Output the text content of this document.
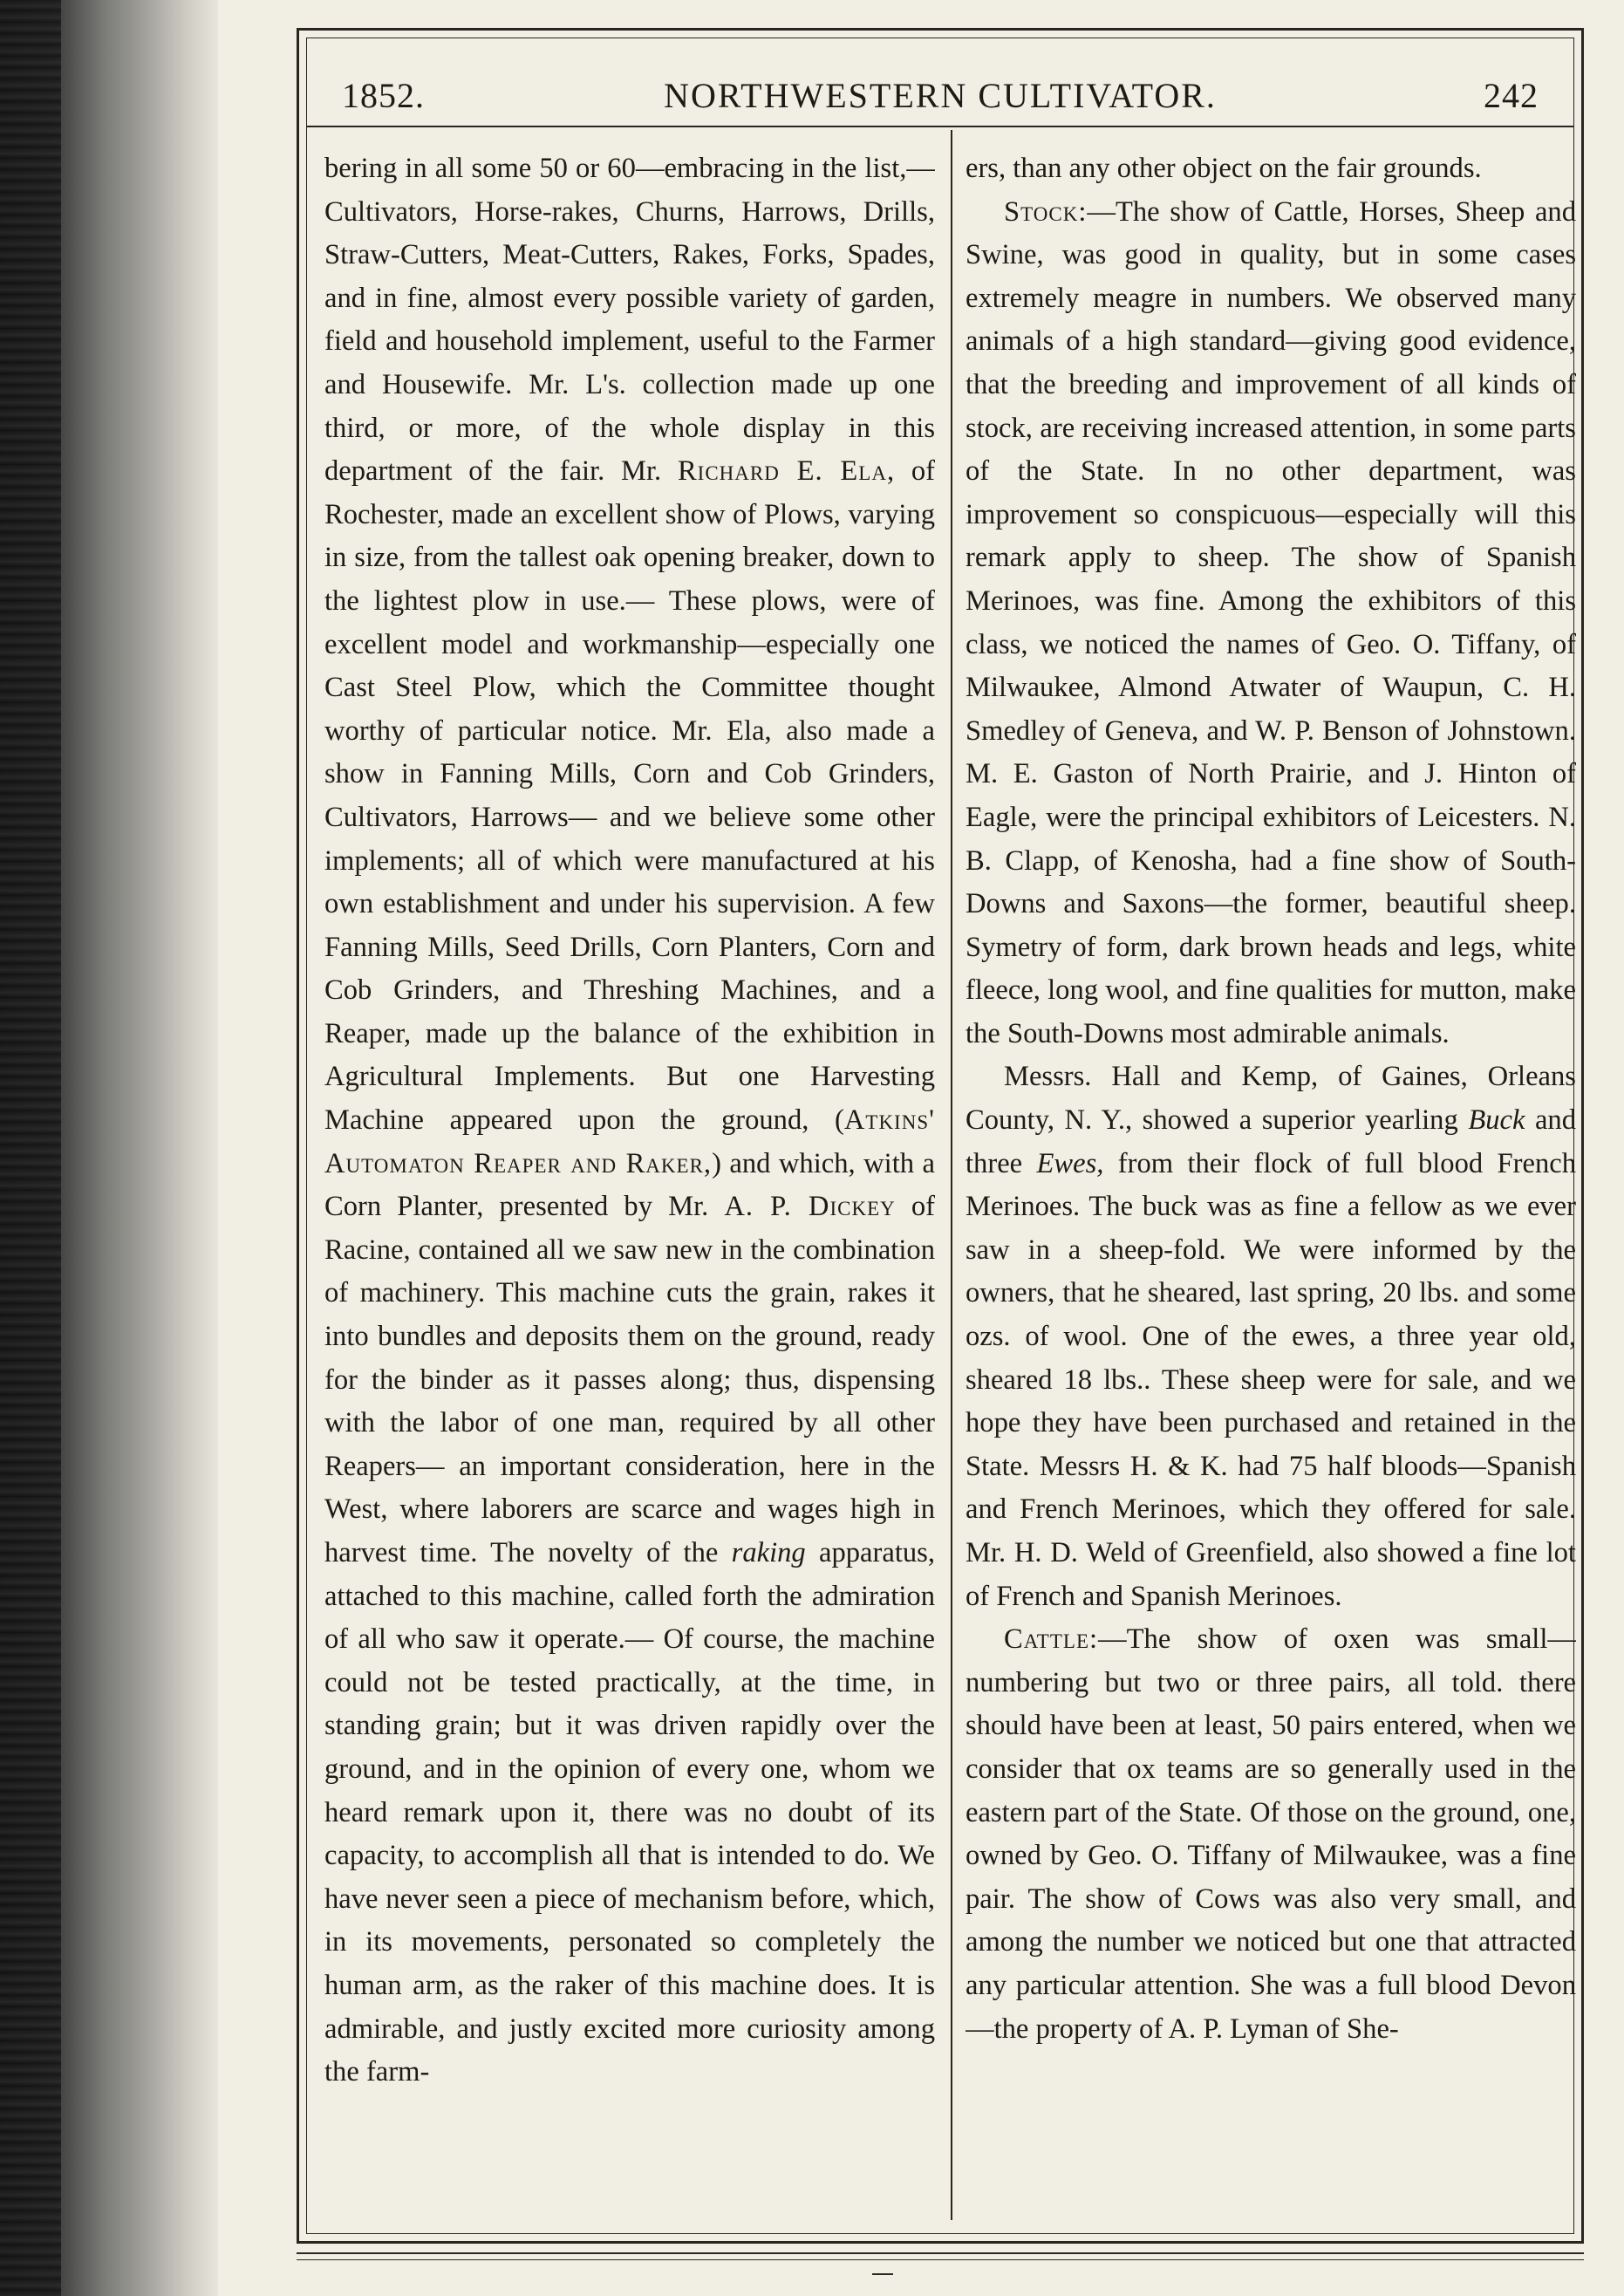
1852.	NORTHWESTERN CULTIVATOR.	242

bering in all some 50 or 60—embracing in the list,— Cultivators, Horse-rakes, Churns, Harrows, Drills, Straw-Cutters, Meat-Cutters, Rakes, Forks, Spades, and in fine, almost every possible variety of garden, field and household implement, useful to the Farmer and Housewife. Mr. L's. collection made up one third, or more, of the whole display in this department of the fair. Mr. Richard E. Ela, of Rochester, made an excellent show of Plows, varying in size, from the tallest oak opening breaker, down to the lightest plow in use.— These plows, were of excellent model and workmanship—especially one Cast Steel Plow, which the Committee thought worthy of particular notice. Mr. Ela, also made a show in Fanning Mills, Corn and Cob Grinders, Cultivators, Harrows— and we believe some other implements; all of which were manufactured at his own establishment and under his supervision. A few Fanning Mills, Seed Drills, Corn Planters, Corn and Cob Grinders, and Threshing Machines, and a Reaper, made up the balance of the exhibition in Agricultural Implements. But one Harvesting Machine appeared upon the ground, (Atkins' Automaton Reaper and Raker,) and which, with a Corn Planter, presented by Mr. A. P. Dickey of Racine, contained all we saw new in the combination of machinery. This machine cuts the grain, rakes it into bundles and deposits them on the ground, ready for the binder as it passes along; thus, dispensing with the labor of one man, required by all other Reapers— an important consideration, here in the West, where laborers are scarce and wages high in harvest time. The novelty of the raking apparatus, attached to this machine, called forth the admiration of all who saw it operate.— Of course, the machine could not be tested practically, at the time, in standing grain; but it was driven rapidly over the ground, and in the opinion of every one, whom we heard remark upon it, there was no doubt of its capacity, to accomplish all that is intended to do. We have never seen a piece of mechanism before, which, in its movements, personated so completely the human arm, as the raker of this machine does. It is admirable, and justly excited more curiosity among the farm-

ers, than any other object on the fair grounds.

Stock:—The show of Cattle, Horses, Sheep and Swine, was good in quality, but in some cases extremely meagre in numbers. We observed many animals of a high standard—giving good evidence, that the breeding and improvement of all kinds of stock, are receiving increased attention, in some parts of the State. In no other department, was improvement so conspicuous—especially will this remark apply to sheep. The show of Spanish Merinoes, was fine. Among the exhibitors of this class, we noticed the names of Geo. O. Tiffany, of Milwaukee, Almond Atwater of Waupun, C. H. Smedley of Geneva, and W. P. Benson of Johnstown. M. E. Gaston of North Prairie, and J. Hinton of Eagle, were the principal exhibitors of Leicesters. N. B. Clapp, of Kenosha, had a fine show of South-Downs and Saxons—the former, beautiful sheep. Symetry of form, dark brown heads and legs, white fleece, long wool, and fine qualities for mutton, make the South-Downs most admirable animals.

Messrs. Hall and Kemp, of Gaines, Orleans County, N. Y., showed a superior yearling Buck and three Ewes, from their flock of full blood French Merinoes. The buck was as fine a fellow as we ever saw in a sheep-fold. We were informed by the owners, that he sheared, last spring, 20 lbs. and some ozs. of wool. One of the ewes, a three year old, sheared 18 lbs.. These sheep were for sale, and we hope they have been purchased and retained in the State. Messrs H. & K. had 75 half bloods—Spanish and French Merinoes, which they offered for sale. Mr. H. D. Weld of Greenfield, also showed a fine lot of French and Spanish Merinoes.

Cattle:—The show of oxen was small— numbering but two or three pairs, all told. there should have been at least, 50 pairs entered, when we consider that ox teams are so generally used in the eastern part of the State. Of those on the ground, one, owned by Geo. O. Tiffany of Milwaukee, was a fine pair. The show of Cows was also very small, and among the number we noticed but one that attracted any particular attention. She was a full blood Devon—the property of A. P. Lyman of She-
